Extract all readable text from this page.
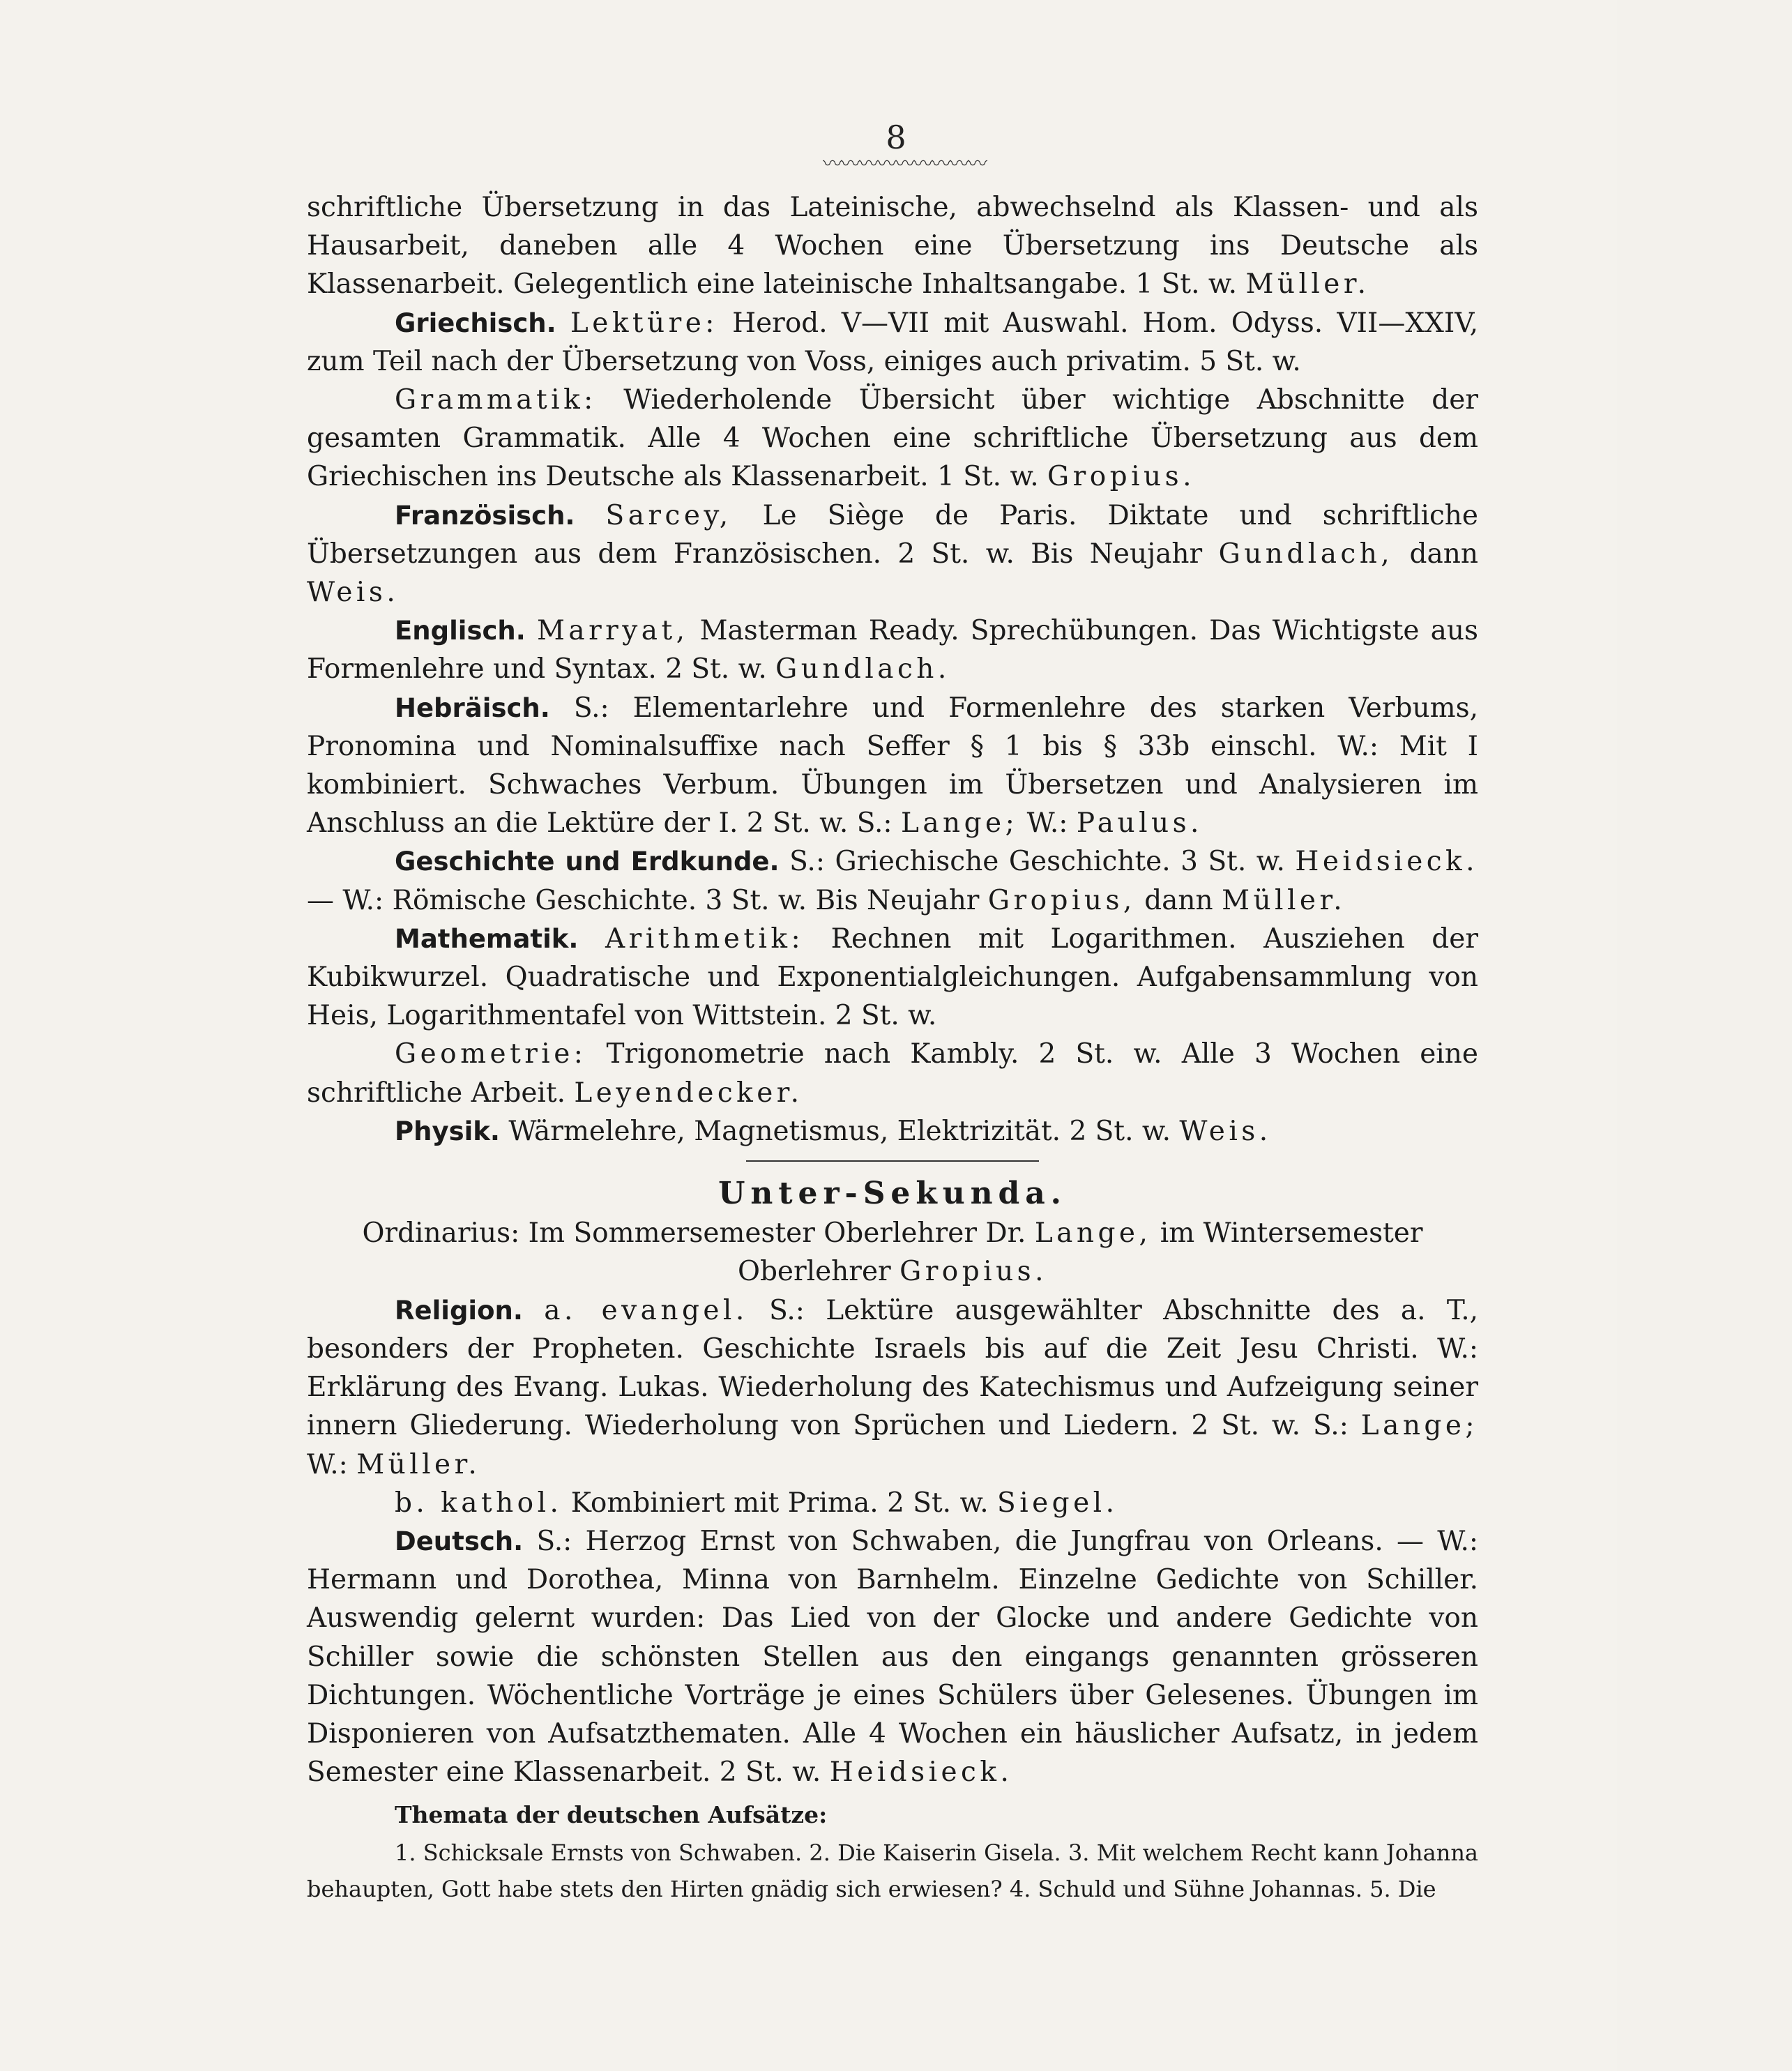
8
〰〰〰〰〰〰〰〰〰

schriftliche Übersetzung in das Lateinische, abwechselnd als Klassen- und als Hausarbeit, daneben alle 4 Wochen eine Übersetzung ins Deutsche als Klassenarbeit. Gelegentlich eine lateinische Inhaltsangabe. 1 St. w. Müller.

Griechisch. Lektüre: Herod. V—VII mit Auswahl. Hom. Odyss. VII—XXIV, zum Teil nach der Übersetzung von Voss, einiges auch privatim. 5 St. w.

Grammatik: Wiederholende Übersicht über wichtige Abschnitte der gesamten Grammatik. Alle 4 Wochen eine schriftliche Übersetzung aus dem Griechischen ins Deutsche als Klassenarbeit. 1 St. w. Gropius.

Französisch. Sarcey, Le Siège de Paris. Diktate und schriftliche Übersetzungen aus dem Französischen. 2 St. w. Bis Neujahr Gundlach, dann Weis.

Englisch. Marryat, Masterman Ready. Sprechübungen. Das Wichtigste aus Formenlehre und Syntax. 2 St. w. Gundlach.

Hebräisch. S.: Elementarlehre und Formenlehre des starken Verbums, Pronomina und Nominalsuffixe nach Seffer § 1 bis § 33b einschl. W.: Mit I kombiniert. Schwaches Verbum. Übungen im Übersetzen und Analysieren im Anschluss an die Lektüre der I. 2 St. w. S.: Lange; W.: Paulus.

Geschichte und Erdkunde. S.: Griechische Geschichte. 3 St. w. Heidsieck. — W.: Römische Geschichte. 3 St. w. Bis Neujahr Gropius, dann Müller.

Mathematik. Arithmetik: Rechnen mit Logarithmen. Ausziehen der Kubikwurzel. Quadratische und Exponentialgleichungen. Aufgabensammlung von Heis, Logarithmentafel von Wittstein. 2 St. w.

Geometrie: Trigonometrie nach Kambly. 2 St. w. Alle 3 Wochen eine schriftliche Arbeit. Leyendecker.

Physik. Wärmelehre, Magnetismus, Elektrizität. 2 St. w. Weis.

Unter-Sekunda.

Ordinarius: Im Sommersemester Oberlehrer Dr. Lange, im Wintersemester Oberlehrer Gropius.

Religion. a. evangel. S.: Lektüre ausgewählter Abschnitte des a. T., besonders der Propheten. Geschichte Israels bis auf die Zeit Jesu Christi. W.: Erklärung des Evang. Lukas. Wiederholung des Katechismus und Aufzeigung seiner innern Gliederung. Wiederholung von Sprüchen und Liedern. 2 St. w. S.: Lange; W.: Müller.

b. kathol. Kombiniert mit Prima. 2 St. w. Siegel.

Deutsch. S.: Herzog Ernst von Schwaben, die Jungfrau von Orleans. — W.: Hermann und Dorothea, Minna von Barnhelm. Einzelne Gedichte von Schiller. Auswendig gelernt wurden: Das Lied von der Glocke und andere Gedichte von Schiller sowie die schönsten Stellen aus den eingangs genannten grösseren Dichtungen. Wöchentliche Vorträge je eines Schülers über Gelesenes. Übungen im Disponieren von Aufsatzthematen. Alle 4 Wochen ein häuslicher Aufsatz, in jedem Semester eine Klassenarbeit. 2 St. w. Heidsieck.

Themata der deutschen Aufsätze:

1. Schicksale Ernsts von Schwaben. 2. Die Kaiserin Gisela. 3. Mit welchem Recht kann Johanna behaupten, Gott habe stets den Hirten gnädig sich erwiesen? 4. Schuld und Sühne Johannas. 5. Die
